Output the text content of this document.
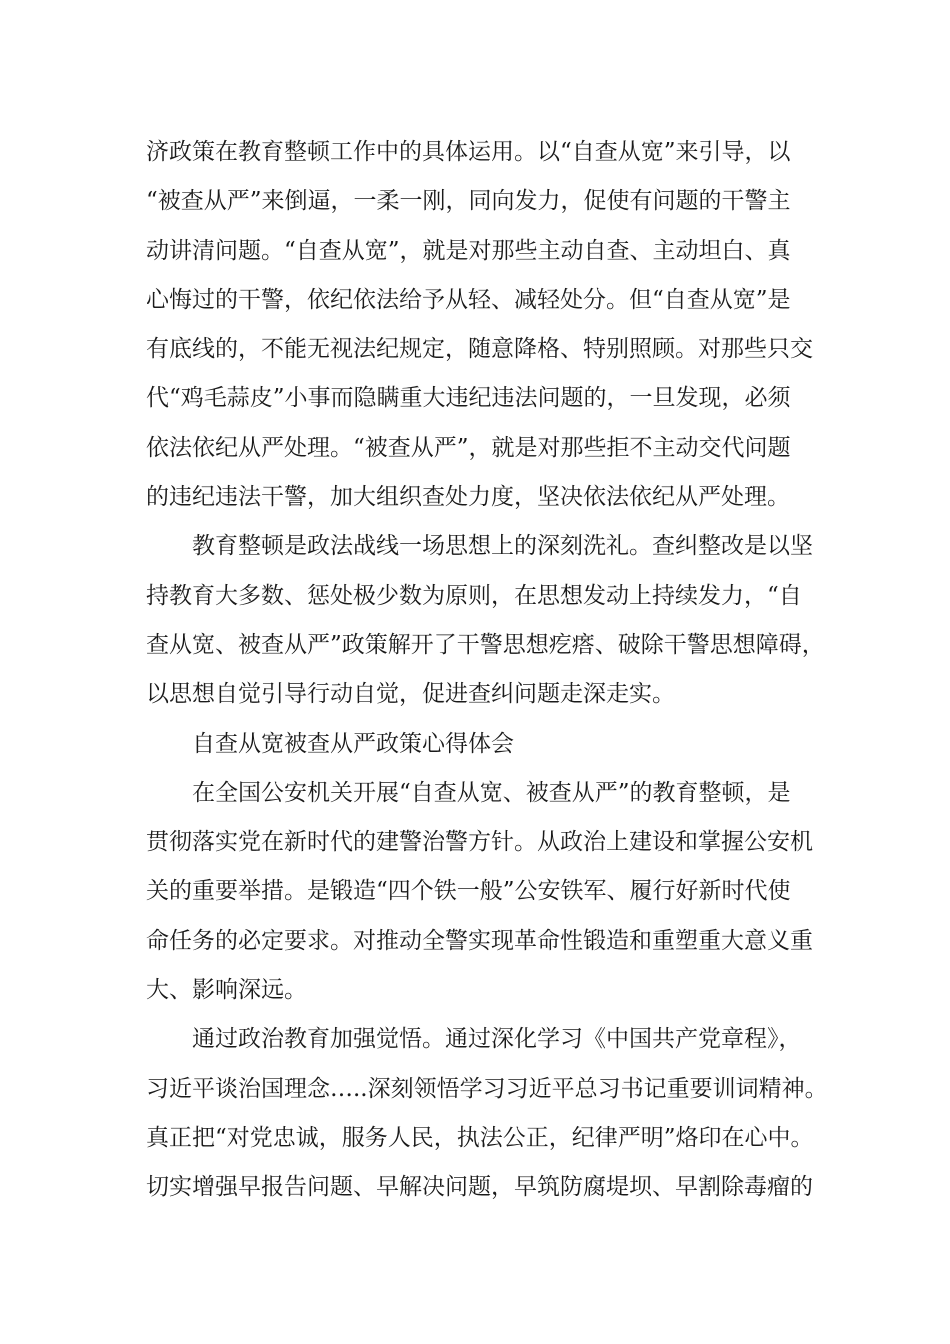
济政策在教育整顿工作中的具体运用。以“自查从宽”来引导，以
“被查从严”来倒逼，一柔一刚，同向发力，促使有问题的干警主
动讲清问题。“自查从宽”，就是对那些主动自查、主动坦白、真
心悔过的干警，依纪依法给予从轻、减轻处分。但“自查从宽”是
有底线的，不能无视法纪规定，随意降格、特别照顾。对那些只交
代“鸡毛蒜皮”小事而隐瞒重大违纪违法问题的，一旦发现，必须
依法依纪从严处理。“被查从严”，就是对那些拒不主动交代问题
的违纪违法干警，加大组织查处力度，坚决依法依纪从严处理。
教育整顿是政法战线一场思想上的深刻洗礼。查纠整改是以坚
持教育大多数、惩处极少数为原则，在思想发动上持续发力，“自
查从宽、被查从严”政策解开了干警思想疙瘩、破除干警思想障碍，
以思想自觉引导行动自觉，促进查纠问题走深走实。
自查从宽被查从严政策心得体会
在全国公安机关开展“自查从宽、被查从严”的教育整顿，是
贯彻落实党在新时代的建警治警方针。从政治上建设和掌握公安机
关的重要举措。是锻造“四个铁一般”公安铁军、履行好新时代使
命任务的必定要求。对推动全警实现革命性锻造和重塑重大意义重
大、影响深远。
通过政治教育加强觉悟。通过深化学习《中国共产党章程》，
习近平谈治国理念…..深刻领悟学习习近平总习书记重要训词精神。
真正把“对党忠诚，服务人民，执法公正，纪律严明”烙印在心中。
切实增强早报告问题、早解决问题，早筑防腐堤坝、早割除毒瘤的
